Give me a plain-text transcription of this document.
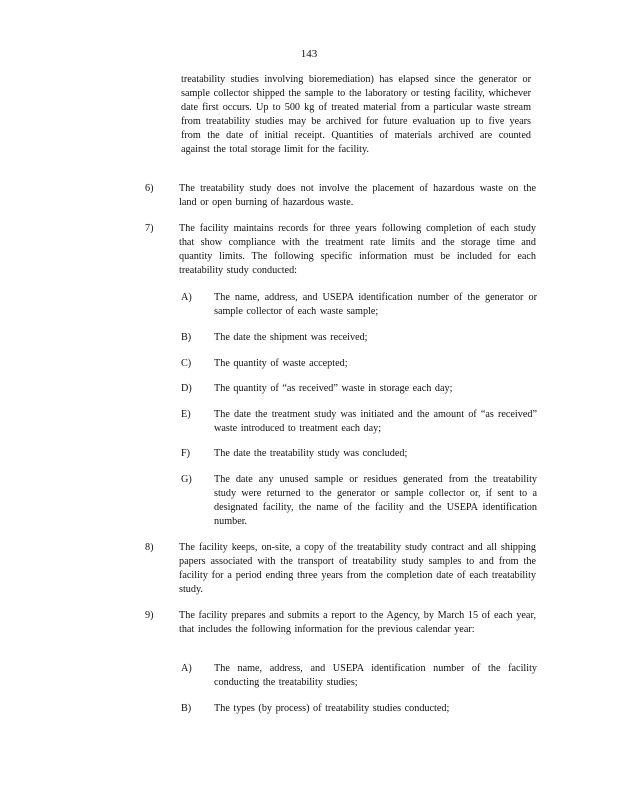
143
treatability studies involving bioremediation) has elapsed since the generator or sample collector shipped the sample to the laboratory or testing facility, whichever date first occurs. Up to 500 kg of treated material from a particular waste stream from treatability studies may be archived for future evaluation up to five years from the date of initial receipt. Quantities of materials archived are counted against the total storage limit for the facility.
6)	The treatability study does not involve the placement of hazardous waste on the land or open burning of hazardous waste.
7)	The facility maintains records for three years following completion of each study that show compliance with the treatment rate limits and the storage time and quantity limits. The following specific information must be included for each treatability study conducted:
A) The name, address, and USEPA identification number of the generator or sample collector of each waste sample;
B) The date the shipment was received;
C) The quantity of waste accepted;
D) The quantity of “as received” waste in storage each day;
E) The date the treatment study was initiated and the amount of “as received” waste introduced to treatment each day;
F) The date the treatability study was concluded;
G) The date any unused sample or residues generated from the treatability study were returned to the generator or sample collector or, if sent to a designated facility, the name of the facility and the USEPA identification number.
8)	The facility keeps, on-site, a copy of the treatability study contract and all shipping papers associated with the transport of treatability study samples to and from the facility for a period ending three years from the completion date of each treatability study.
9)	The facility prepares and submits a report to the Agency, by March 15 of each year, that includes the following information for the previous calendar year:
A) The name, address, and USEPA identification number of the facility conducting the treatability studies;
B) The types (by process) of treatability studies conducted;
